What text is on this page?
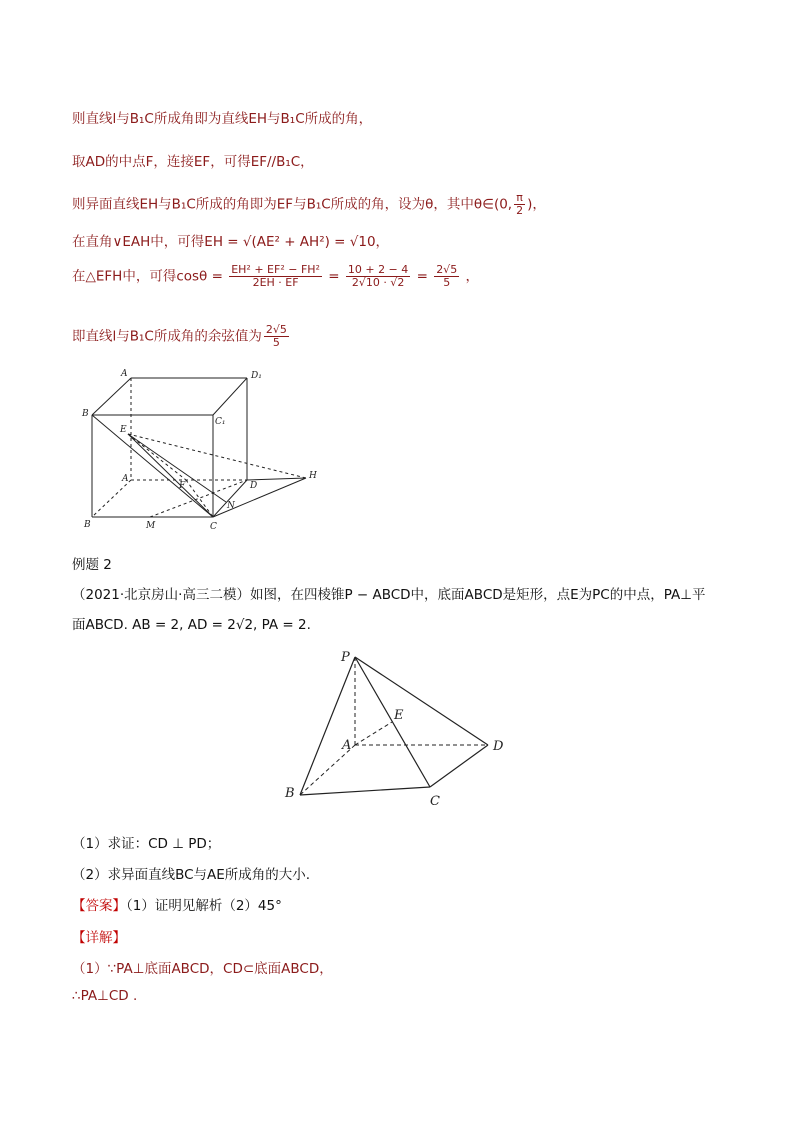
则直线l与B₁C所成角即为直线EH与B₁C所成的角，
取AD的中点F，连接EF，可得EF//B₁C，
则异面直线EH与B₁C所成的角即为EF与B₁C所成的角，设为θ，其中θ∈(0, $\frac{\pi}{2}$ )，
在直角∨EAH中，可得EH = √(AE² + AH²) = √10，
在△EFH中，可得$\cos\theta = \frac{\text{EH² + EF² − FH²}}{2EH \cdot EF} = \frac{10 + 2 - 4}{2√10 \cdot √2} = \frac{2√5}{5}$ ，
即直线l与B₁C所成角的余弦值为 $\frac{2√5}{5}$
A	D₁
B
C₁
E
A
F	D
H
B	M	C
N
例题 2
（2021·北京房山·高三二模）如图，在四棱锥P − ABCD中，底面ABCD是矩形，点E为PC的中点，PA⊥平
面ABCD. AB = 2, AD = 2√2, PA = 2.
P
E
A	D
B
C
（1）求证：CD ⊥ PD；
（2）求异面直线BC与AE所成角的大小.
【答案】（1）证明见解析（2）45°
【详解】
（1）∵PA⊥底面ABCD，CD⊂底面ABCD，
∴PA⊥CD .
